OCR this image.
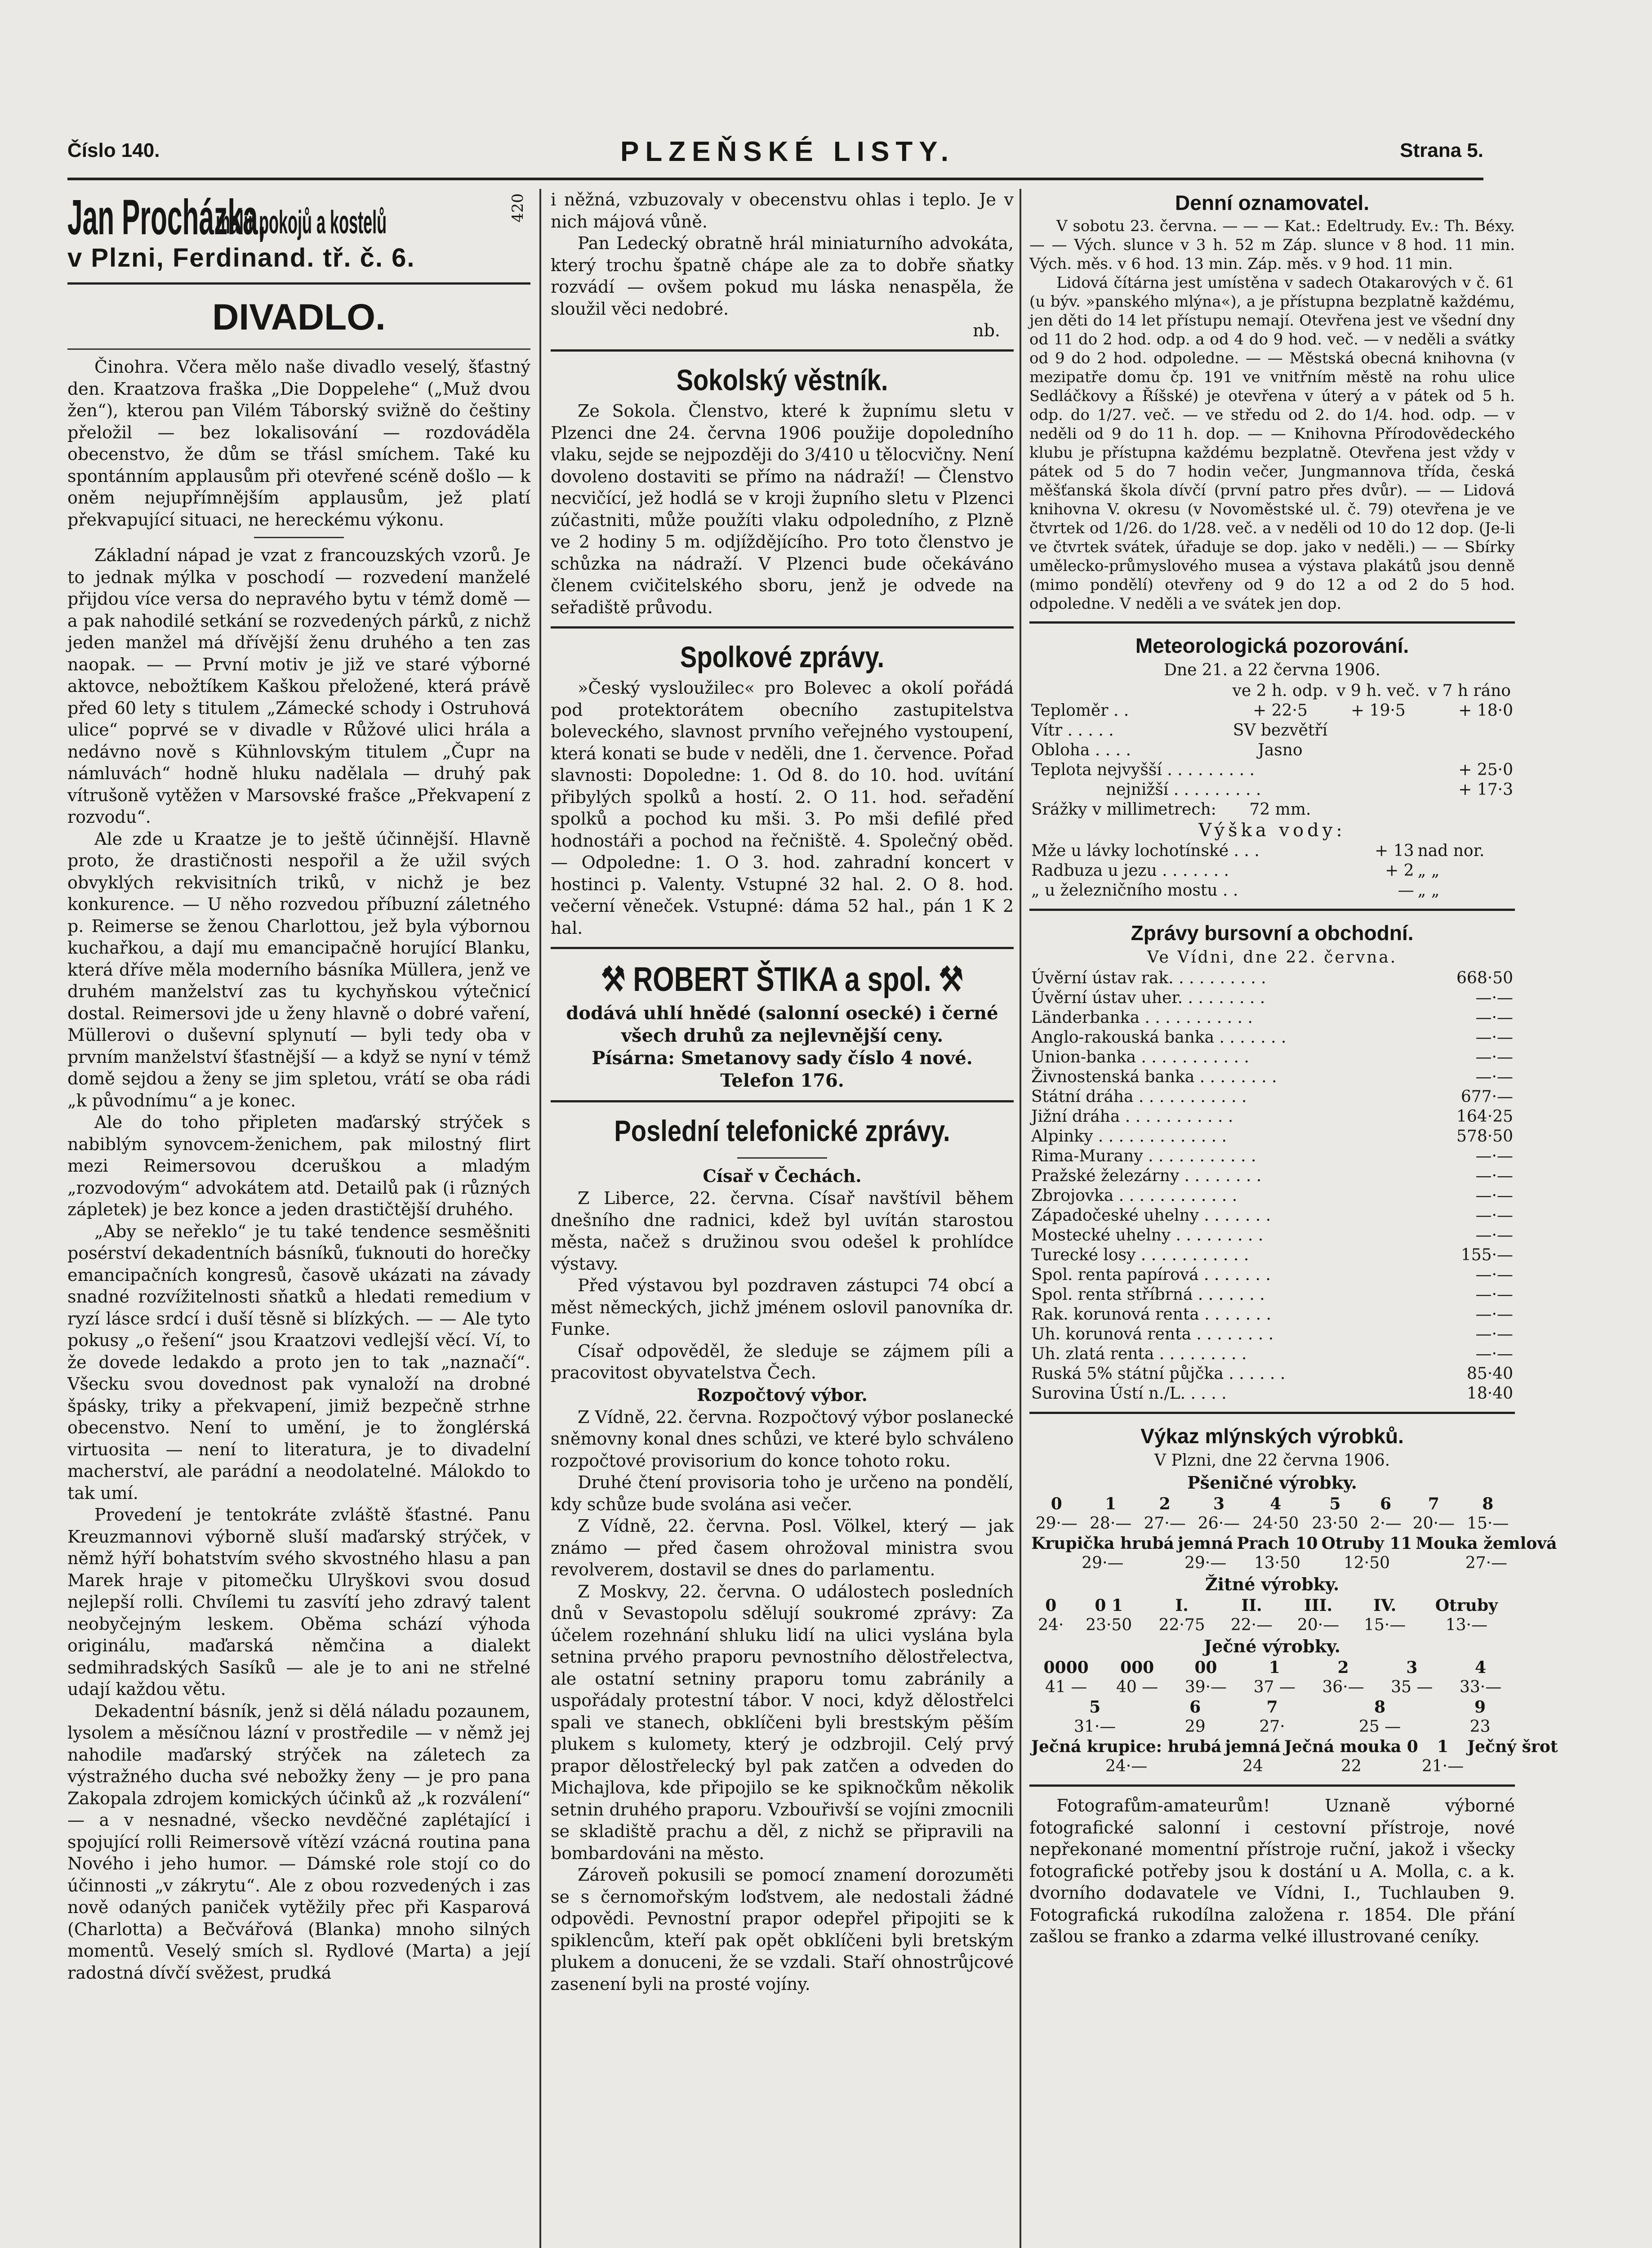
Číslo 140.	PLZEŇSKÉ LISTY.	Strana 5.
Jan Procházka,
malíř pokojů a kostelů	420
v Plzni, Ferdinand. tř. č. 6.
DIVADLO.

Činohra. Včera mělo naše divadlo veselý, šťastný den. Kraatzova fraška „Die Doppelehe“ („Muž dvou žen“), kterou pan Vilém Táborský svižně do češtiny přeložil — bez lokalisování — rozdováděla obecenstvo, že dům se třásl smíchem. Také ku spontánním applausům při otevřené scéně došlo — k oněm nejupřímnějším applausům, jež platí překvapující situaci, ne hereckému výkonu.

Základní nápad je vzat z francouzských vzorů. Je to jednak mýlka v poschodí — rozvedení manželé přijdou více versa do nepravého bytu v témž domě — a pak nahodilé setkání se rozvedených párků, z nichž jeden manžel má dřívější ženu druhého a ten zas naopak. — — První motiv je již ve staré výborné aktovce, nebožtíkem Kaškou přeložené, která právě před 60 lety s titulem „Zámecké schody i Ostruhová ulice“ poprvé se v divadle v Růžové ulici hrála a nedávno nově s Kühnlovským titulem „Čupr na námluvách“ hodně hluku nadělala — druhý pak vítrušoně vytěžen v Marsovské frašce „Překvapení z rozvodu“.

Ale zde u Kraatze je to ještě účinnější. Hlavně proto, že drastičnosti nespořil a že užil svých obvyklých rekvisitních triků, v nichž je bez konkurence. — U něho rozvedou příbuzní záletného p. Reimerse se ženou Charlottou, jež byla výbornou kuchařkou, a dají mu emancipačně horující Blanku, která dříve měla moderního básníka Müllera, jenž ve druhém manželství zas tu kychyňskou výtečnicí dostal. Reimersovi jde u ženy hlavně o dobré vaření, Müllerovi o duševní splynutí — byli tedy oba v prvním manželství šťastnější — a když se nyní v témž domě sejdou a ženy se jim spletou, vrátí se oba rádi „k původnímu“ a je konec.

Ale do toho připleten maďarský strýček s nabiblým synovcem-ženichem, pak milostný flirt mezi Reimersovou dceruškou a mladým „rozvodovým“ advokátem atd. Detailů pak (i různých zápletek) je bez konce a jeden drastičtější druhého.

„Aby se neřeklo“ je tu také tendence sesměšniti posérství dekadentních básníků, ťuknouti do horečky emancipačních kongresů, časově ukázati na závady snadné rozvížitelnosti sňatků a hledati remedium v ryzí lásce srdcí i duší těsně si blízkých. — — Ale tyto pokusy „o řešení“ jsou Kraatzovi vedlejší věcí. Ví, to že dovede ledakdo a proto jen to tak „naznačí“. Všecku svou dovednost pak vynaloží na drobné špásky, triky a překvapení, jimiž bezpečně strhne obecenstvo. Není to umění, je to žonglérská virtuosita — není to literatura, je to divadelní macherství, ale parádní a neodolatelné. Málokdo to tak umí.

Provedení je tentokráte zvláště šťastné. Panu Kreuzmannovi výborně sluší maďarský strýček, v němž hýří bohatstvím svého skvostného hlasu a pan Marek hraje v pitomečku Ulryškovi svou dosud nejlepší rolli. Chvílemi tu zasvítí jeho zdravý talent neobyčejným leskem. Oběma schází výhoda originálu, maďarská němčina a dialekt sedmihradských Sasíků — ale je to ani ne střelné udají každou větu.

Dekadentní básník, jenž si dělá náladu pozaunem, lysolem a měsíčnou lázní v prostředile — v němž jej nahodile maďarský strýček na záletech za výstražného ducha své nebožky ženy — je pro pana Zakopala zdrojem komických účinků až „k rozválení“ — a v nesnadné, všecko nevděčné zaplétající i spojující rolli Reimersově vítězí vzácná routina pana Nového i jeho humor. — Dámské role stojí co do účinnosti „v zákrytu“. Ale z obou rozvedených i zas nově odaných paniček vytěžily přec při Kasparová (Charlotta) a Bečvářová (Blanka) mnoho silných momentů. Veselý smích sl. Rydlové (Marta) a její radostná dívčí svěžest, prudká

i něžná, vzbuzovaly v obecenstvu ohlas i teplo. Je v nich májová vůně.

Pan Ledecký obratně hrál miniaturního advokáta, který trochu špatně chápe ale za to dobře sňatky rozvádí — ovšem pokud mu láska nenaspěla, že sloužil věci nedobré.

nb.
Sokolský věstník.

Ze Sokola. Členstvo, které k župnímu sletu v Plzenci dne 24. června 1906 použije dopoledního vlaku, sejde se nejpozději do 3/410 u tělocvičny. Není dovoleno dostaviti se přímo na nádraží! — Členstvo necvičící, jež hodlá se v kroji župního sletu v Plzenci zúčastniti, může použíti vlaku odpoledního, z Plzně ve 2 hodiny 5 m. odjíždějícího. Pro toto členstvo je schůzka na nádraží. V Plzenci bude očekáváno členem cvičitelského sboru, jenž je odvede na seřadiště průvodu.

Spolkové zprávy.

»Český vysloužilec« pro Bolevec a okolí pořádá pod protektorátem obecního zastupitelstva bolevеckého, slavnost prvního veřejného vystoupení, která konati se bude v neděli, dne 1. července. Pořad slavnosti: Dopoledne: 1. Od 8. do 10. hod. uvítání přibylých spolků a hostí. 2. O 11. hod. seřadění spolků a pochod ku mši. 3. Po mši defilé před hodnostáři a pochod na řečniště. 4. Společný oběd. — Odpoledne: 1. O 3. hod. zahradní koncert v hostinci p. Valenty. Vstupné 32 hal. 2. O 8. hod. večerní věneček. Vstupné: dáma 52 hal., pán 1 K 2 hal.

⚒ ROBERT ŠTIKA a spol. ⚒
dodává uhlí hnědé (salonní osecké) i černé všech druhů za nejlevnější ceny.
Písárna: Smetanovy sady číslo 4 nové.
Telefon 176.
Poslední telefonické zprávy.
Císař v Čechách.

Z Liberce, 22. června. Císař navštívil během dnešního dne radnici, kdež byl uvítán starostou města, načež s družinou svou odešel k prohlídce výstavy.

Před výstavou byl pozdraven zástupci 74 obcí a měst německých, jichž jménem oslovil panovníka dr. Funke.

Císař odpověděl, že sleduje se zájmem píli a pracovitost obyvatelstva Čech.

Rozpočtový výbor.

Z Vídně, 22. června. Rozpočtový výbor poslanecké sněmovny konal dnes schůzi, ve které bylo schváleno rozpočtové provisorium do konce tohoto roku.

Druhé čtení provisoria toho je určeno na pondělí, kdy schůze bude svolána asi večer.

Z Vídně, 22. června. Posl. Völkel, který — jak známo — před časem ohrožoval ministra svou revolverem, dostavil se dnes do parlamentu.

Z Moskvy, 22. června. O událostech posledních dnů v Sevastopolu sdělují soukromé zprávy: Za účelem rozehnání shluku lidí na ulici vyslána byla setnina prvého praporu pevnostního dělostřelectva, ale ostatní setniny praporu tomu zabránily a uspořádaly protestní tábor. V noci, když dělostřelci spali ve stanech, obklíčeni byli brestským pěším plukem s kulomety, který je odzbrojil. Celý prvý prapor dělostřelecký byl pak zatčen a odveden do Michajlova, kde připojilo se ke spiknočkům několik setnin druhého praporu. Vzbouřivší se vojíni zmocnili se skladiště prachu a děl, z nichž se připravili na bombardováni na město.

Zároveň pokusili se pomocí znamení dorozuměti se s černomořským loďstvem, ale nedostali žádné odpovědi. Pevnostní prapor odepřel připojiti se k spiklencům, kteří pak opět obklíčeni byli bretským plukem a donuceni, že se vzdali. Staří ohnostrůjcové zasenení byli na prosté vojíny.

Denní oznamovatel.

V sobotu 23. června. — — — Kat.: Edeltrudy. Ev.: Th. Béxy. — — Vých. slunce v 3 h. 52 m Záp. slunce v 8 hod. 11 min. Vých. měs. v 6 hod. 13 min. Záp. měs. v 9 hod. 11 min.

Lidová čítárna jest umístěna v sadech Otakarových v č. 61 (u býv. »panského mlýna«), a je přístupna bezplatně každému, jen děti do 14 let přístupu nemají. Otevřena jest ve všední dny od 11 do 2 hod. odp. a od 4 do 9 hod. več. — v neděli a svátky od 9 do 2 hod. odpoledne. — — Městská obecná knihovna (v mezipatře domu čp. 191 ve vnitřním městě na rohu ulice Sedláčkovy a Říšské) je otevřena v úterý a v pátek od 5 h. odp. do 1/27. več. — ve středu od 2. do 1/4. hod. odp. — v neděli od 9 do 11 h. dop. — — Knihovna Přírodovědeckého klubu je přístupna každému bezplatně. Otevřena jest vždy v pátek od 5 do 7 hodin večer, Jungmannova třída, česká měšťanská škola dívčí (první patro přes dvůr). — — Lidová knihovna V. okresu (v Novoměstské ul. č. 79) otevřena je ve čtvrtek od 1/26. do 1/28. več. a v neděli od 10 do 12 dop. (Je-li ve čtvrtek svátek, úřaduje se dop. jako v neděli.) — — Sbírky umělecko-průmyslového musea a výstava plakátů jsou denně (mimo pondělí) otevřeny od 9 do 12 a od 2 do 5 hod. odpoledne. V neděli a ve svátek jen dop.

Meteorologická pozorování.
Dne 21. a 22 června 1906.
	ve 2 h. odp.	v 9 h. več.	v 7 h ráno
Teploměr . .	+ 22·5	+ 19·5	+ 18·0
Vítr . . . . .	SV bezvětří		
Obloha . . . .	Jasno		
Teplota nejvyšší . . . . . . . . .			+ 25·0
nejnižší . . . . . . . . .			+ 17·3
Srážky v millimetrech:	72 mm.		
Výška vody:
Mže u lávky lochotínské . . .	+ 13	nad nor.
Radbuza u jezu . . . . . . .	+ 2	„ „
„ u železničního mostu . .	—	„ „
Zprávy bursovní a obchodní.
Ve Vídni, dne 22. června.
Úvěrní ústav rak. . . . . . . . . .	668·50
Úvěrní ústav uher. . . . . . . . .	—·—
Länderbanka . . . . . . . . . . .	—·—
Anglo-rakouská banka . . . . . . .	—·—
Union-banka . . . . . . . . . . .	—·—
Živnostenská banka . . . . . . . .	—·—
Státní dráha . . . . . . . . . . .	677·—
Jižní dráha . . . . . . . . . . .	164·25
Alpinky . . . . . . . . . . . . .	578·50
Rima-Murany . . . . . . . . . . .	—·—
Pražské železárny . . . . . . . .	—·—
Zbrojovka . . . . . . . . . . . .	—·—
Západočeské uhelny . . . . . . .	—·—
Mostecké uhelny . . . . . . . . .	—·—
Turecké losy . . . . . . . . . . .	155·—
Spol. renta papírová . . . . . . .	—·—
Spol. renta stříbrná . . . . . . .	—·—
Rak. korunová renta . . . . . . .	—·—
Uh. korunová renta . . . . . . . .	—·—
Uh. zlatá renta . . . . . . . . .	—·—
Ruská 5% státní půjčka . . . . . .	85·40
Surovina Ústí n./L. . . . .	18·40
Výkaz mlýnských výrobků.
V Plzni, dne 22 června 1906.
Pšeničné výrobky.
0	1	2	3	4	5	6	7	8
29·—	28·—	27·—	26·—	24·50	23·50	2·—	20·—	15·—
Krupička hrubá	jemná	Prach 10	Otruby 11	Mouka žemlová
29·—	29·—	13·50	12·50	27·—
Žitné výrobky.
0	0 1	I.	II.	III.	IV.	Otruby
24·	23·50	22·75	22·—	20·—	15·—	13·—
Ječné výrobky.
0000	000	00	1	2	3	4
41 —	40 —	39·—	37 —	36·—	35 —	33·—
5	6	7	8	9
31·—	29	27·	25 —	23
Ječná krupice: hrubá	jemná	Ječná mouka 0	1	Ječný šrot
24·—	24	22	21·—	

Fotografům-amateurům! Uznaně výborné fotografické salonní i cestovní přístroje, nové nepřekonané momentní přístroje ruční, jakož i všecky fotografické potřeby jsou k dostání u A. Molla, c. a k. dvorního dodavatele ve Vídni, I., Tuchlauben 9. Fotografická rukodílna založena r. 1854. Dle přání zašlou se franko a zdarma velké illustrované ceníky.
